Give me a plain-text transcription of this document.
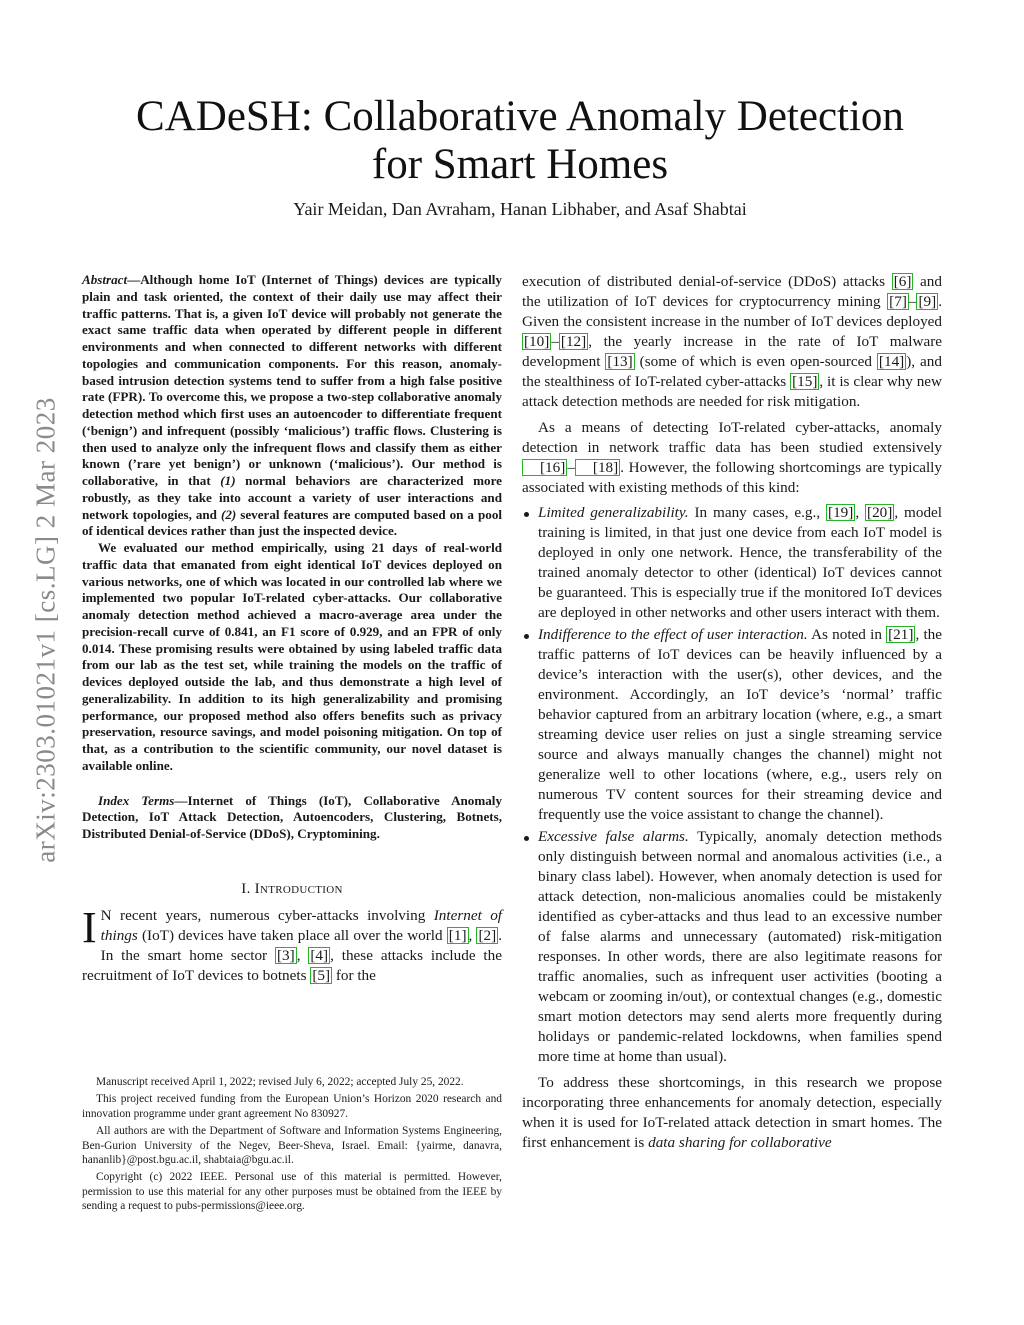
arXiv:2303.01021v1 [cs.LG] 2 Mar 2023
CADeSH: Collaborative Anomaly Detection for Smart Homes
Yair Meidan, Dan Avraham, Hanan Libhaber, and Asaf Shabtai

Abstract—Although home IoT (Internet of Things) devices are typically plain and task oriented, the context of their daily use may affect their traffic patterns. That is, a given IoT device will probably not generate the exact same traffic data when operated by different people in different environments and when connected to different networks with different topologies and communication components. For this reason, anomaly-based intrusion detection systems tend to suffer from a high false positive rate (FPR). To overcome this, we propose a two-step collaborative anomaly detection method which first uses an autoencoder to differentiate frequent (‘benign’) and infrequent (possibly ‘malicious’) traffic flows. Clustering is then used to analyze only the infrequent flows and classify them as either known (’rare yet benign’) or unknown (‘malicious’). Our method is collaborative, in that (1) normal behaviors are characterized more robustly, as they take into account a variety of user interactions and network topologies, and (2) several features are computed based on a pool of identical devices rather than just the inspected device.

We evaluated our method empirically, using 21 days of real-world traffic data that emanated from eight identical IoT devices deployed on various networks, one of which was located in our controlled lab where we implemented two popular IoT-related cyber-attacks. Our collaborative anomaly detection method achieved a macro-average area under the precision-recall curve of 0.841, an F1 score of 0.929, and an FPR of only 0.014. These promising results were obtained by using labeled traffic data from our lab as the test set, while training the models on the traffic of devices deployed outside the lab, and thus demonstrate a high level of generalizability. In addition to its high generalizability and promising performance, our proposed method also offers benefits such as privacy preservation, resource savings, and model poisoning mitigation. On top of that, as a contribution to the scientific community, our novel dataset is available online.

Index Terms—Internet of Things (IoT), Collaborative Anomaly Detection, IoT Attack Detection, Autoencoders, Clustering, Botnets, Distributed Denial-of-Service (DDoS), Cryptomining.

I. Introduction

I N recent years, numerous cyber-attacks involving Internet of things (IoT) devices have taken place all over the world [1] , [2] . In the smart home sector [3] , [4] , these attacks include the recruitment of IoT devices to botnets [5] for the

Manuscript received April 1, 2022; revised July 6, 2022; accepted July 25, 2022.

This project received funding from the European Union’s Horizon 2020 research and innovation programme under grant agreement No 830927.

All authors are with the Department of Software and Information Systems Engineering, Ben-Gurion University of the Negev, Beer-Sheva, Israel. Email: {yairme, danavra, hananlib}@post.bgu.ac.il, shabtaia@bgu.ac.il.

Copyright (c) 2022 IEEE. Personal use of this material is permitted. However, permission to use this material for any other purposes must be obtained from the IEEE by sending a request to pubs-permissions@ieee.org.

execution of distributed denial-of-service (DDoS) attacks [6] and the utilization of IoT devices for cryptocurrency mining [7] – [9] . Given the consistent increase in the number of IoT devices deployed [10] – [12] , the yearly increase in the rate of IoT malware development [13] (some of which is even open-sourced [14] ), and the stealthiness of IoT-related cyber-attacks [15] , it is clear why new attack detection methods are needed for risk mitigation.

As a means of detecting IoT-related cyber-attacks, anomaly detection in network traffic data has been studied extensively [16] – [18] . However, the following shortcomings are typically associated with existing methods of this kind:

Limited generalizability. In many cases, e.g., [19] , [20] , model training is limited, in that just one device from each IoT model is deployed in only one network. Hence, the transferability of the trained anomaly detector to other (identical) IoT devices cannot be guaranteed. This is especially true if the monitored IoT devices are deployed in other networks and other users interact with them.
Indifference to the effect of user interaction. As noted in [21] , the traffic patterns of IoT devices can be heavily influenced by a device’s interaction with the user(s), other devices, and the environment. Accordingly, an IoT device’s ‘normal’ traffic behavior captured from an arbitrary location (where, e.g., a smart streaming device user relies on just a single streaming service source and always manually changes the channel) might not generalize well to other locations (where, e.g., users rely on numerous TV content sources for their streaming device and frequently use the voice assistant to change the channel).
Excessive false alarms. Typically, anomaly detection methods only distinguish between normal and anomalous activities (i.e., a binary class label). However, when anomaly detection is used for attack detection, non-malicious anomalies could be mistakenly identified as cyber-attacks and thus lead to an excessive number of false alarms and unnecessary (automated) risk-mitigation responses. In other words, there are also legitimate reasons for traffic anomalies, such as infrequent user activities (booting a webcam or zooming in/out), or contextual changes (e.g., domestic smart motion detectors may send alerts more frequently during holidays or pandemic-related lockdowns, when families spend more time at home than usual).

To address these shortcomings, in this research we propose incorporating three enhancements for anomaly detection, especially when it is used for IoT-related attack detection in smart homes. The first enhancement is data sharing for collaborative
